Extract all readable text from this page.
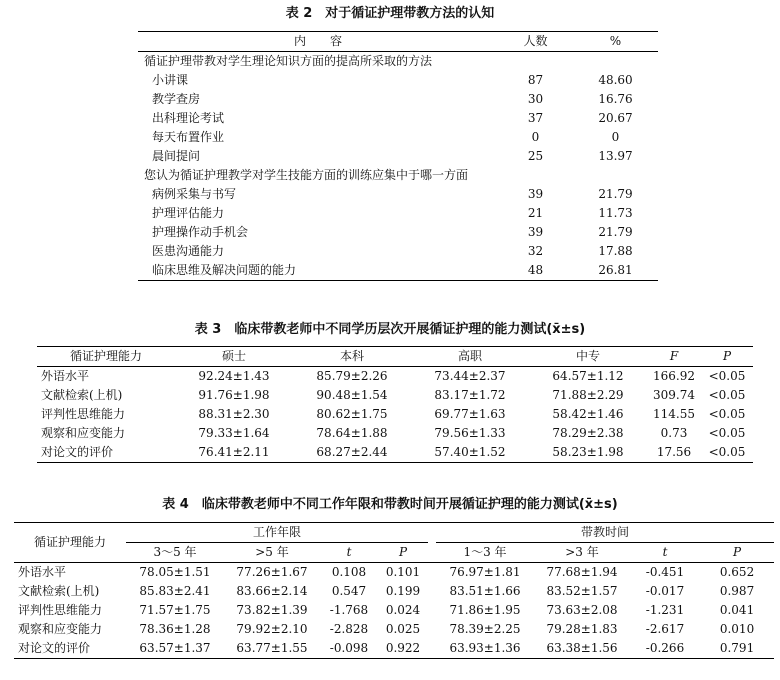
表 2　对于循证护理带教方法的认知
内　　容	人数	%
循证护理带教对学生理论知识方面的提高所采取的方法		
小讲课	87	48.60
教学查房	30	16.76
出科理论考试	37	20.67
每天布置作业	0	0
晨间提问	25	13.97
您认为循证护理教学对学生技能方面的训练应集中于哪一方面		
病例采集与书写	39	21.79
护理评估能力	21	11.73
护理操作动手机会	39	21.79
医患沟通能力	32	17.88
临床思维及解决问题的能力	48	26.81
表 3　临床带教老师中不同学历层次开展循证护理的能力测试(x̄±s)
循证护理能力	硕士	本科	高职	中专	F	P
外语水平	92.24±1.43	85.79±2.26	73.44±2.37	64.57±1.12	166.92	<0.05
文献检索(上机)	91.76±1.98	90.48±1.54	83.17±1.72	71.88±2.29	309.74	<0.05
评判性思维能力	88.31±2.30	80.62±1.75	69.77±1.63	58.42±1.46	114.55	<0.05
观察和应变能力	79.33±1.64	78.64±1.88	79.56±1.33	78.29±2.38	0.73	<0.05
对论文的评价	76.41±2.11	68.27±2.44	57.40±1.52	58.23±1.98	17.56	<0.05
表 4　临床带教老师中不同工作年限和带教时间开展循证护理的能力测试(x̄±s)
循证护理能力	工作年限					带教时间			
	3～5 年	>5 年	t	P		1～3 年	>3 年	t	P
外语水平	78.05±1.51	77.26±1.67	0.108	0.101		76.97±1.81	77.68±1.94	-0.451	0.652
文献检索(上机)	85.83±2.41	83.66±2.14	0.547	0.199		83.51±1.66	83.52±1.57	-0.017	0.987
评判性思维能力	71.57±1.75	73.82±1.39	-1.768	0.024		71.86±1.95	73.63±2.08	-1.231	0.041
观察和应变能力	78.36±1.28	79.92±2.10	-2.828	0.025		78.39±2.25	79.28±1.83	-2.617	0.010
对论文的评价	63.57±1.37	63.77±1.55	-0.098	0.922		63.93±1.36	63.38±1.56	-0.266	0.791
